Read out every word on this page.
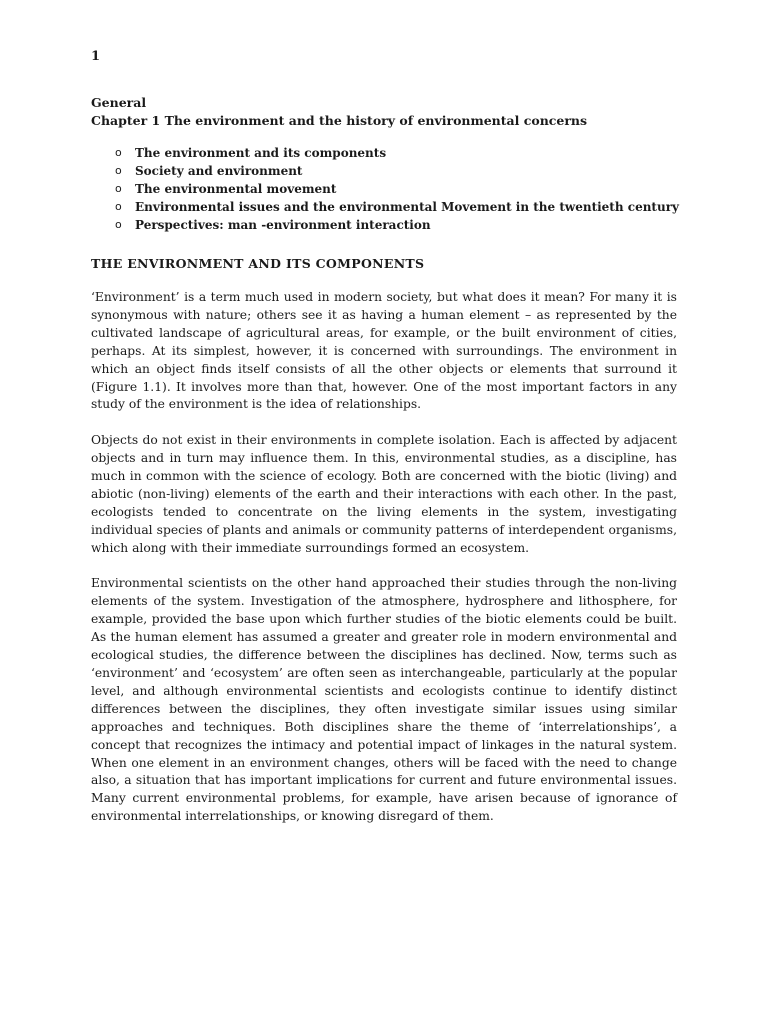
1
General
Chapter 1 The environment and the history of environmental concerns
o The environment and its components
o Society and environment
o The environmental movement
o Environmental issues and the environmental Movement in the twentieth century
o Perspectives: man -environment interaction
THE ENVIRONMENT AND ITS COMPONENTS

‘Environment’ is a term much used in modern society, but what does it mean? For many it is synonymous with nature; others see it as having a human element – as represented by the cultivated landscape of agricultural areas, for example, or the built environment of cities, perhaps. At its simplest, however, it is concerned with surroundings. The environment in which an object finds itself consists of all the other objects or elements that surround it (Figure 1.1). It involves more than that, however. One of the most important factors in any study of the environment is the idea of relationships.

Objects do not exist in their environments in complete isolation. Each is affected by adjacent objects and in turn may influence them. In this, environmental studies, as a discipline, has much in common with the science of ecology. Both are concerned with the biotic (living) and abiotic (non-living) elements of the earth and their interactions with each other. In the past, ecologists tended to concentrate on the living elements in the system, investigating individual species of plants and animals or community patterns of interdependent organisms, which along with their immediate surroundings formed an ecosystem.

Environmental scientists on the other hand approached their studies through the non-living elements of the system. Investigation of the atmosphere, hydrosphere and lithosphere, for example, provided the base upon which further studies of the biotic elements could be built. As the human element has assumed a greater and greater role in modern environmental and ecological studies, the difference between the disciplines has declined. Now, terms such as ‘environment’ and ‘ecosystem’ are often seen as interchangeable, particularly at the popular level, and although environmental scientists and ecologists continue to identify distinct differences between the disciplines, they often investigate similar issues using similar approaches and techniques. Both disciplines share the theme of ‘interrelationships’, a concept that recognizes the intimacy and potential impact of linkages in the natural system. When one element in an environment changes, others will be faced with the need to change also, a situation that has important implications for current and future environmental issues. Many current environmental problems, for example, have arisen because of ignorance of environmental interrelationships, or knowing disregard of them.
